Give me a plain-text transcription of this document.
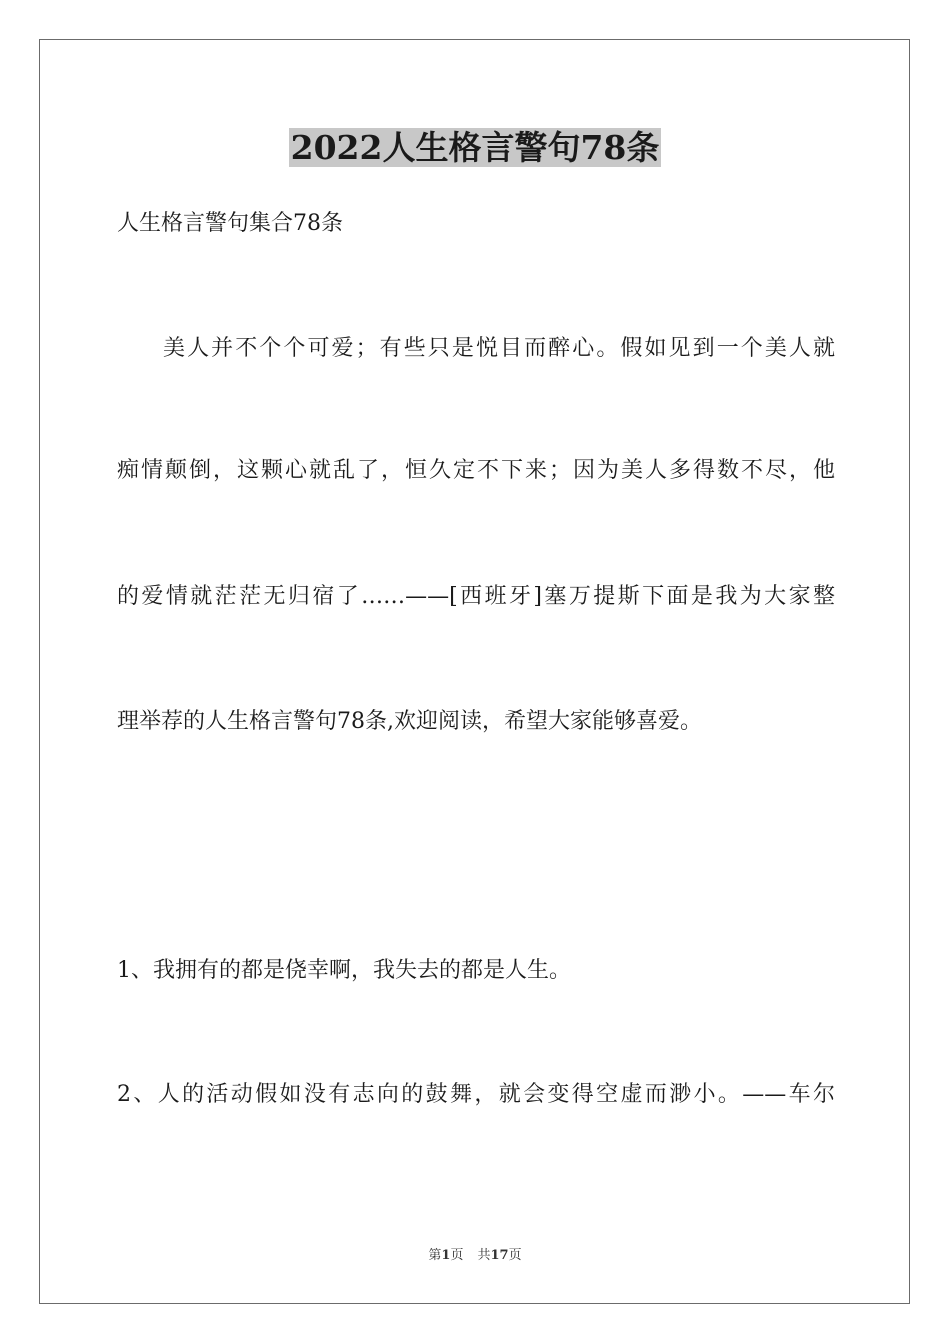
2022人生格言警句78条

人生格言警句集合78条

美人并不个个可爱；有些只是悦目而醉心。假如见到一个美人就

痴情颠倒，这颗心就乱了，恒久定不下来；因为美人多得数不尽，他

的爱情就茫茫无归宿了……——[西班牙]塞万提斯下面是我为大家整

理举荐的人生格言警句78条,欢迎阅读，希望大家能够喜爱。

1、我拥有的都是侥幸啊，我失去的都是人生。

2、人的活动假如没有志向的鼓舞，就会变得空虚而渺小。——车尔

第1页 共17页
